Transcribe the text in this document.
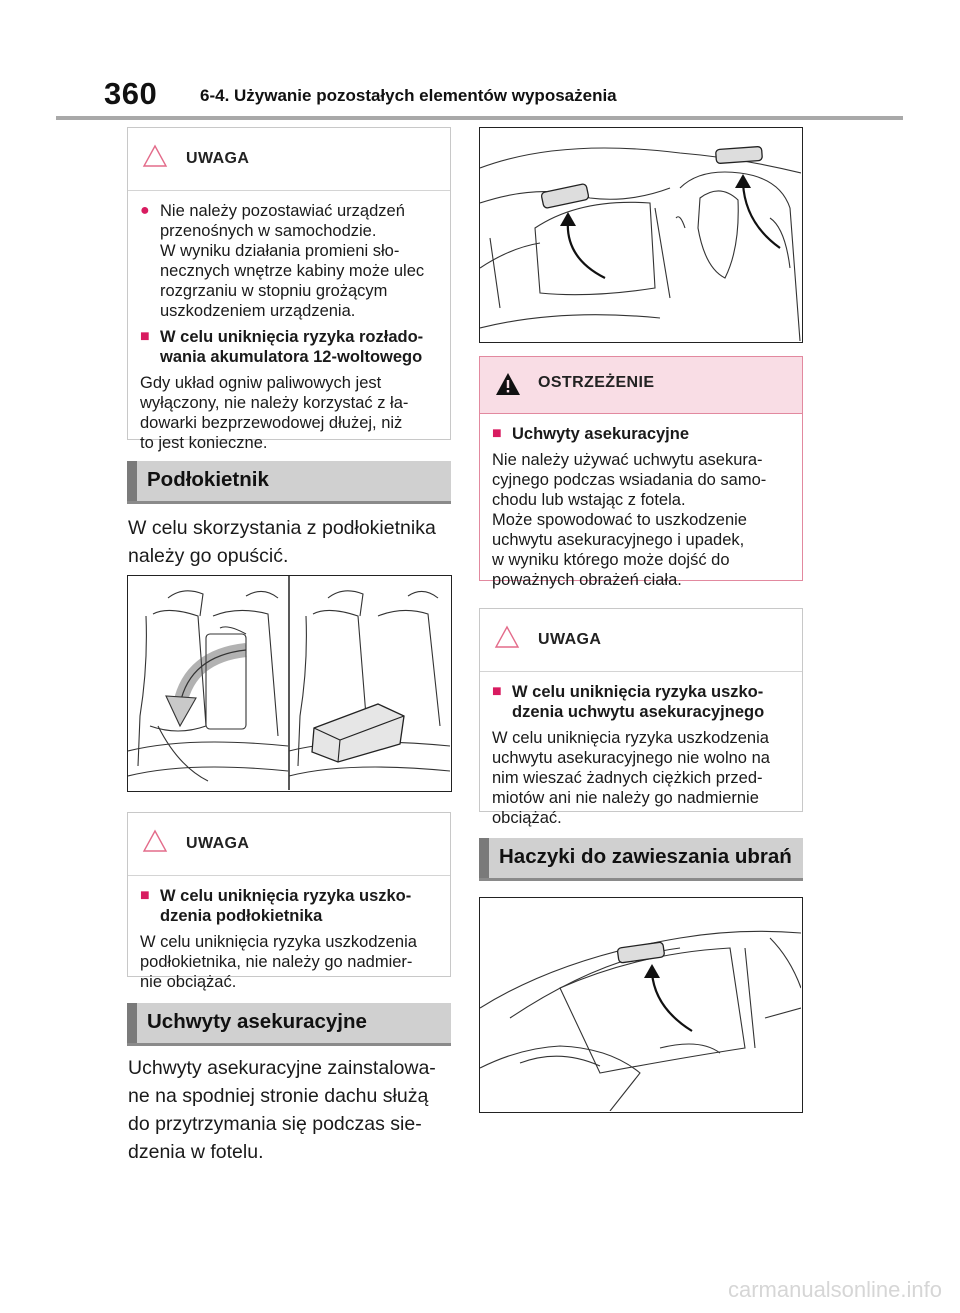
360	6-4. Używanie pozostałych elementów wyposażenia
UWAGA
● Nie należy pozostawiać urządzeń
przenośnych w samochodzie.
W wyniku działania promieni sło-
necznych wnętrze kabiny może ulec
rozgrzaniu w stopniu grożącym
uszkodzeniem urządzenia.
■ W celu uniknięcia ryzyka rozłado-
wania akumulatora 12-woltowego
Gdy układ ogniw paliwowych jest
wyłączony, nie należy korzystać z ła-
dowarki bezprzewodowej dłużej, niż
to jest konieczne.
Podłokietnik
W celu skorzystania z podłokietnika
należy go opuścić.
UWAGA
■ W celu uniknięcia ryzyka uszko-
dzenia podłokietnika
W celu uniknięcia ryzyka uszkodzenia
podłokietnika, nie należy go nadmier-
nie obciążać.
Uchwyty asekuracyjne
Uchwyty asekuracyjne zainstalowa-
ne na spodniej stronie dachu służą
do przytrzymania się podczas sie-
dzenia w fotelu.
OSTRZEŻENIE
■ Uchwyty asekuracyjne
Nie należy używać uchwytu asekura-
cyjnego podczas wsiadania do samo-
chodu lub wstając z fotela.
Może spowodować to uszkodzenie
uchwytu asekuracyjnego i upadek,
w wyniku którego może dojść do
poważnych obrażeń ciała.
UWAGA
■ W celu uniknięcia ryzyka uszko-
dzenia uchwytu asekuracyjnego
W celu uniknięcia ryzyka uszkodzenia
uchwytu asekuracyjnego nie wolno na
nim wieszać żadnych ciężkich przed-
miotów ani nie należy go nadmiernie
obciążać.
Haczyki do zawieszania ubrań
carmanualsonline.info
